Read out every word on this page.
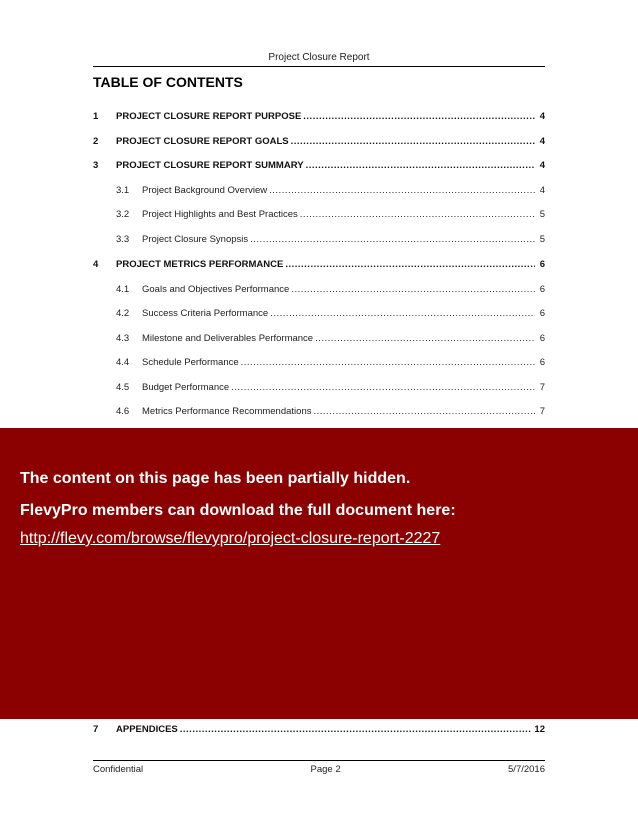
Project Closure Report
TABLE OF CONTENTS
1	PROJECT CLOSURE REPORT PURPOSE .....	4
2	PROJECT CLOSURE REPORT GOALS .....	4
3	PROJECT CLOSURE REPORT SUMMARY .....	4
3.1	Project Background Overview .....	4
3.2	Project Highlights and Best Practices .....	5
3.3	Project Closure Synopsis .....	5
4	PROJECT METRICS PERFORMANCE .....	6
4.1	Goals and Objectives Performance .....	6
4.2	Success Criteria Performance .....	6
4.3	Milestone and Deliverables Performance .....	6
4.4	Schedule Performance .....	6
4.5	Budget Performance .....	7
4.6	Metrics Performance Recommendations .....	7
The content on this page has been partially hidden.
FlevyPro members can download the full document here:
http://flevy.com/browse/flevypro/project-closure-report-2227
7	APPENDICES .....	12
Confidential	Page 2	5/7/2016
